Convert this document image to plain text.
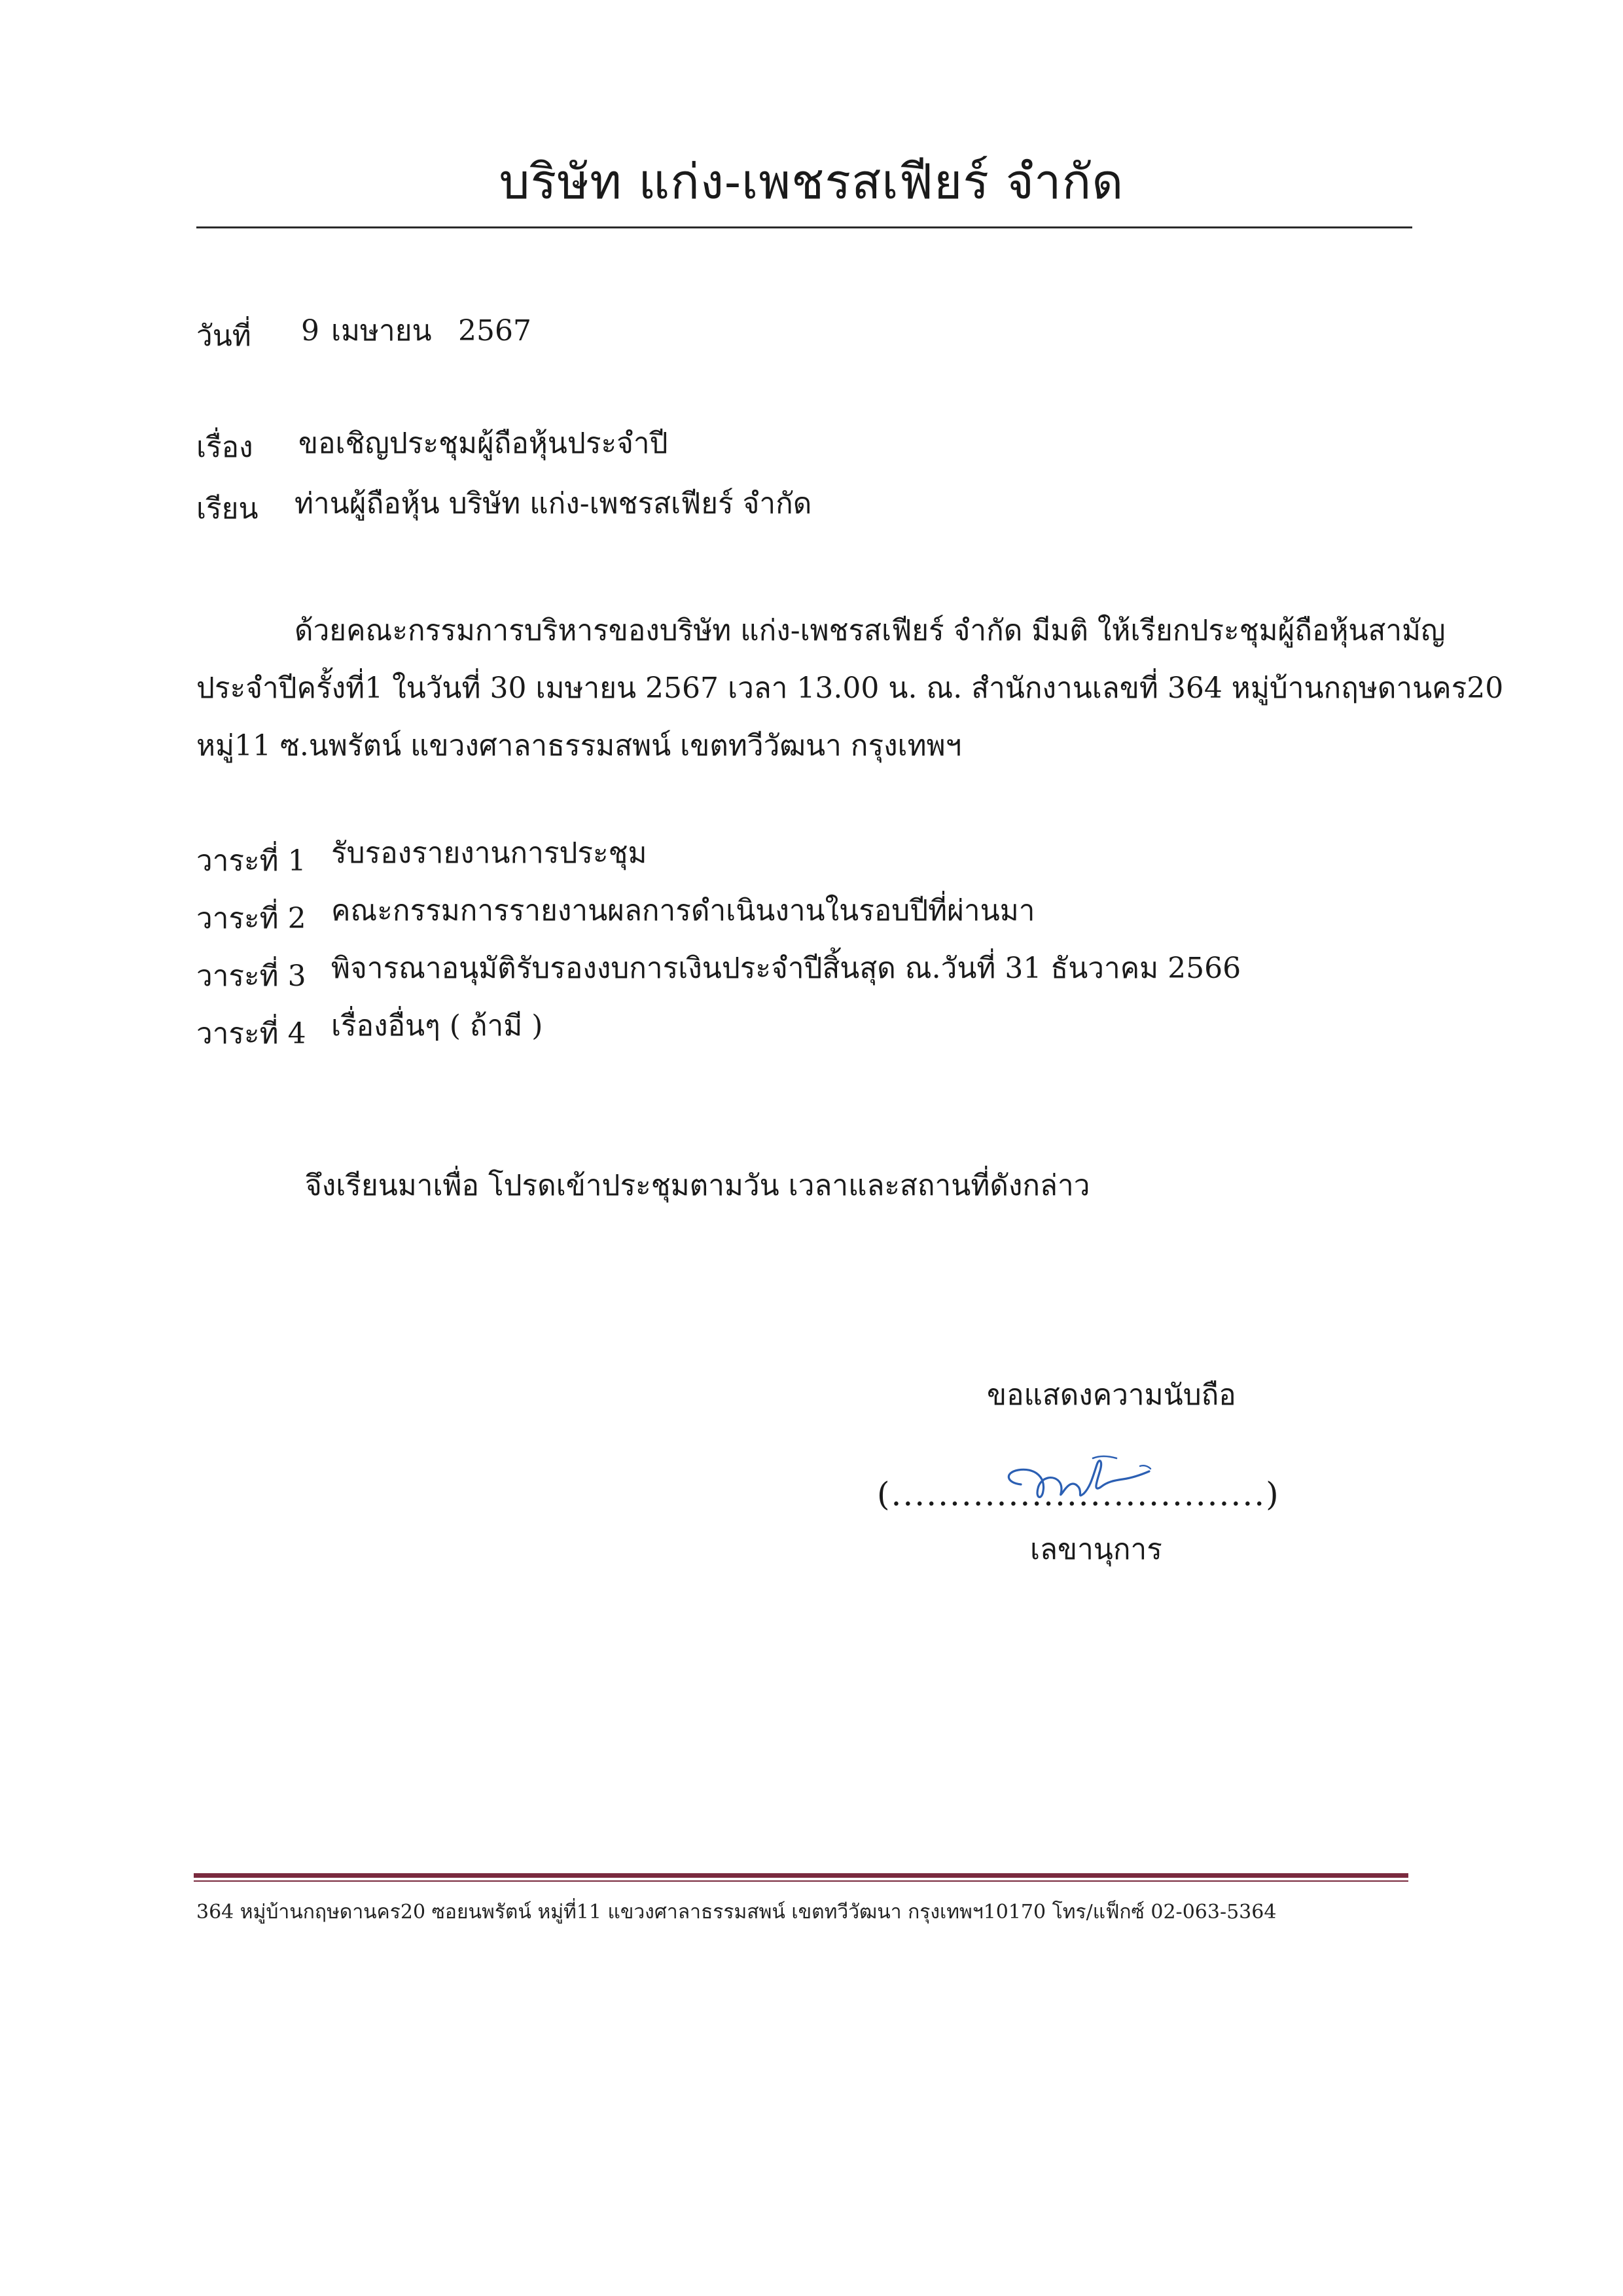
บริษัท แก่ง-เพชรสเฟียร์ จำกัด
วันที่ 9 เมษายน 2567
เรื่อง ขอเชิญประชุมผู้ถือหุ้นประจำปี
เรียน ท่านผู้ถือหุ้น บริษัท แก่ง-เพชรสเฟียร์ จำกัด
ด้วยคณะกรรมการบริหารของบริษัท แก่ง-เพชรสเฟียร์ จำกัด มีมติ ให้เรียกประชุมผู้ถือหุ้นสามัญ
ประจำปีครั้งที่1 ในวันที่ 30 เมษายน 2567 เวลา 13.00 น. ณ. สำนักงานเลขที่ 364 หมู่บ้านกฤษดานคร20
หมู่11 ซ.นพรัตน์ แขวงศาลาธรรมสพน์ เขตทวีวัฒนา กรุงเทพฯ
วาระที่ 1 รับรองรายงานการประชุม
วาระที่ 2 คณะกรรมการรายงานผลการดำเนินงานในรอบปีที่ผ่านมา
วาระที่ 3 พิจารณาอนุมัติรับรองงบการเงินประจำปีสิ้นสุด ณ.วันที่ 31 ธันวาคม 2566
วาระที่ 4 เรื่องอื่นๆ ( ถ้ามี )
จึงเรียนมาเพื่อ โปรดเข้าประชุมตามวัน เวลาและสถานที่ดังกล่าว
ขอแสดงความนับถือ
(................................)
เลขานุการ
364 หมู่บ้านกฤษดานคร20 ซอยนพรัตน์ หมู่ที่11 แขวงศาลาธรรมสพน์ เขตทวีวัฒนา กรุงเทพฯ10170 โทร/แฟ็กซ์ 02-063-5364
